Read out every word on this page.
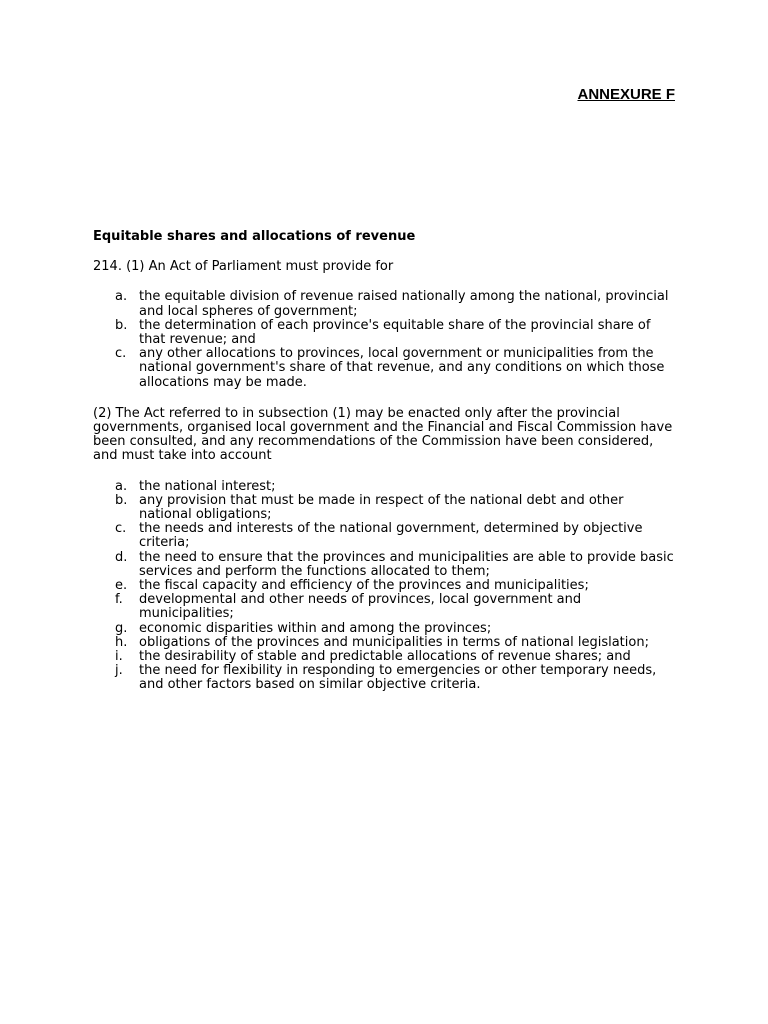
ANNEXURE F

Equitable shares and allocations of revenue

214. (1) An Act of Parliament must provide for

a. the equitable division of revenue raised nationally among the national, provincial and local spheres of government;
b. the determination of each province's equitable share of the provincial share of that revenue; and
c. any other allocations to provinces, local government or municipalities from the national government's share of that revenue, and any conditions on which those allocations may be made.

(2) The Act referred to in subsection (1) may be enacted only after the provincial governments, organised local government and the Financial and Fiscal Commission have been consulted, and any recommendations of the Commission have been considered, and must take into account

a. the national interest;
b. any provision that must be made in respect of the national debt and other national obligations;
c. the needs and interests of the national government, determined by objective criteria;
d. the need to ensure that the provinces and municipalities are able to provide basic services and perform the functions allocated to them;
e. the fiscal capacity and efficiency of the provinces and municipalities;
f. developmental and other needs of provinces, local government and municipalities;
g. economic disparities within and among the provinces;
h. obligations of the provinces and municipalities in terms of national legislation;
i. the desirability of stable and predictable allocations of revenue shares; and
j. the need for flexibility in responding to emergencies or other temporary needs, and other factors based on similar objective criteria.
